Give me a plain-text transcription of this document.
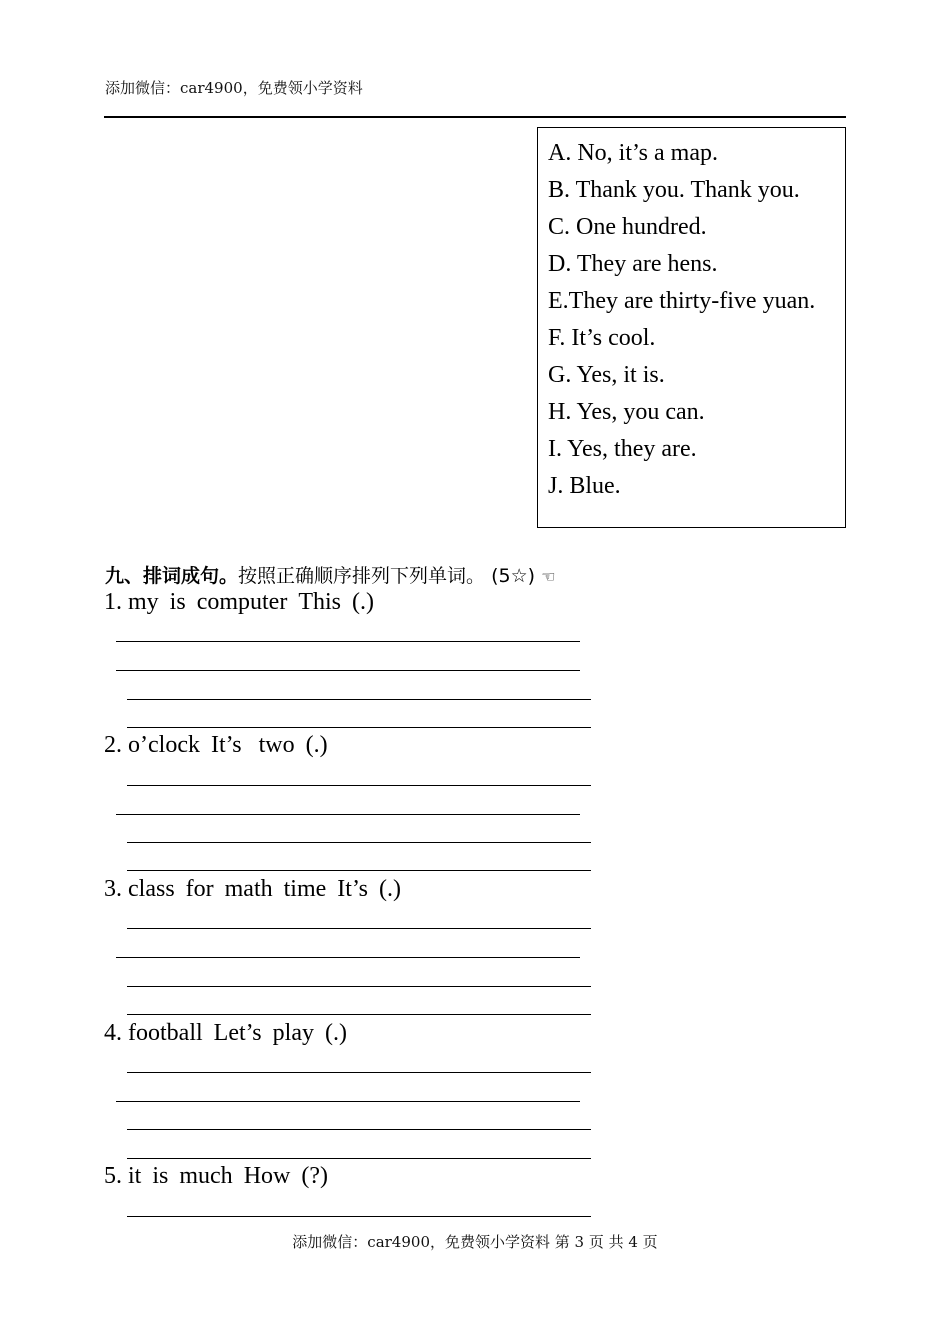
添加微信：car4900，免费领小学资料
A. No, it’s a map.
B. Thank you. Thank you.
C. One hundred.
D. They are hens.
E.They are thirty-five yuan.
F. It’s cool.
G. Yes, it is.
H. Yes, you can.
I. Yes, they are.
J. Blue.
九、排词成句。按照正确顺序排列下列单词。 (5☆) ☜
1. my is computer This (.)
2. o’clock It’s two (.)
3. class for math time It’s (.)
4. football Let’s play (.)
5. it is much How (?)
添加微信：car4900，免费领小学资料 第 3 页 共 4 页
